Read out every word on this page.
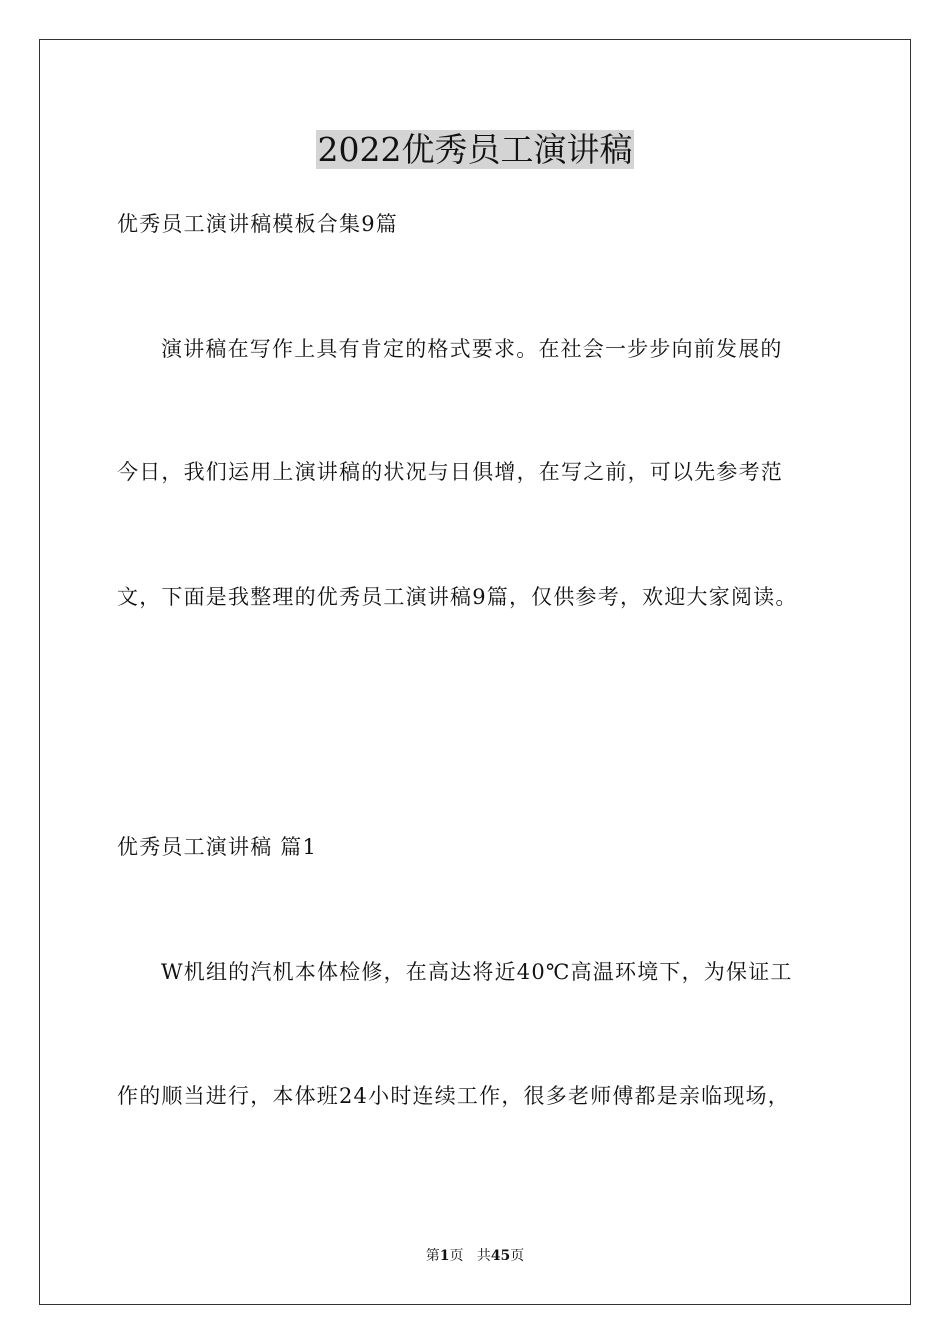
2022优秀员工演讲稿

优秀员工演讲稿模板合集9篇

演讲稿在写作上具有肯定的格式要求。在社会一步步向前发展的

今日，我们运用上演讲稿的状况与日俱增，在写之前，可以先参考范

文，下面是我整理的优秀员工演讲稿9篇，仅供参考，欢迎大家阅读。

优秀员工演讲稿 篇1

W机组的汽机本体检修，在高达将近40℃高温环境下，为保证工

作的顺当进行，本体班24小时连续工作，很多老师傅都是亲临现场，

第1页 共45页
